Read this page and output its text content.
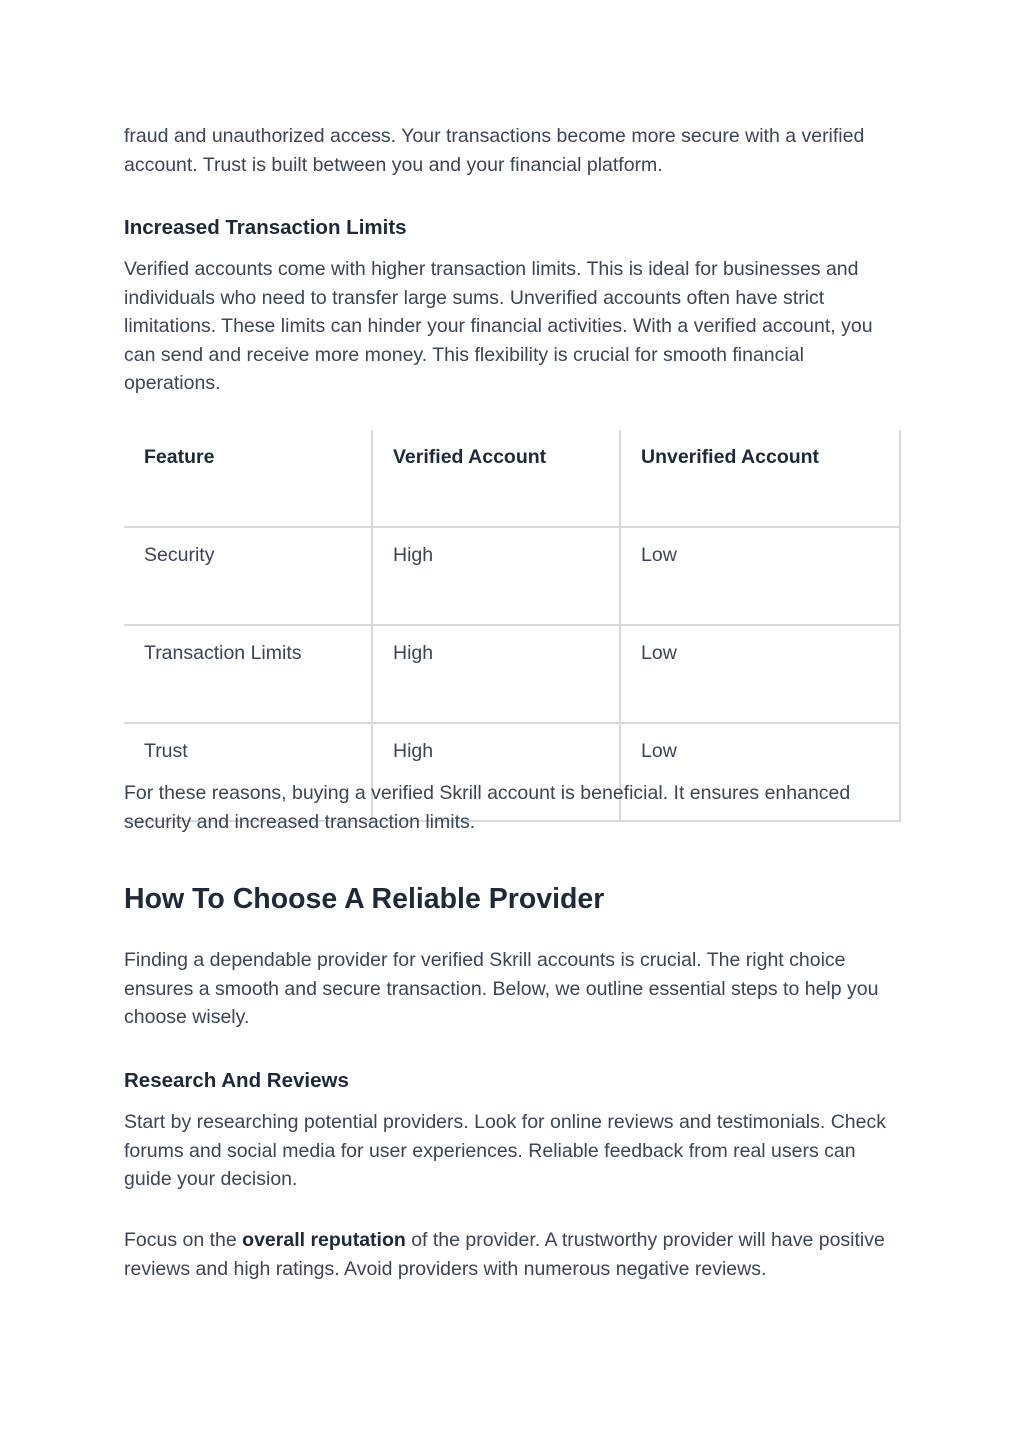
fraud and unauthorized access. Your transactions become more secure with a verified account. Trust is built between you and your financial platform.

Increased Transaction Limits

Verified accounts come with higher transaction limits. This is ideal for businesses and individuals who need to transfer large sums. Unverified accounts often have strict limitations. These limits can hinder your financial activities. With a verified account, you can send and receive more money. This flexibility is crucial for smooth financial operations.

Feature	Verified Account	Unverified Account
Security	High	Low
Transaction Limits	High	Low
Trust	High	Low

For these reasons, buying a verified Skrill account is beneficial. It ensures enhanced security and increased transaction limits.

How To Choose A Reliable Provider

Finding a dependable provider for verified Skrill accounts is crucial. The right choice ensures a smooth and secure transaction. Below, we outline essential steps to help you choose wisely.

Research And Reviews

Start by researching potential providers. Look for online reviews and testimonials. Check forums and social media for user experiences. Reliable feedback from real users can guide your decision.

Focus on the overall reputation of the provider. A trustworthy provider will have positive reviews and high ratings. Avoid providers with numerous negative reviews.
